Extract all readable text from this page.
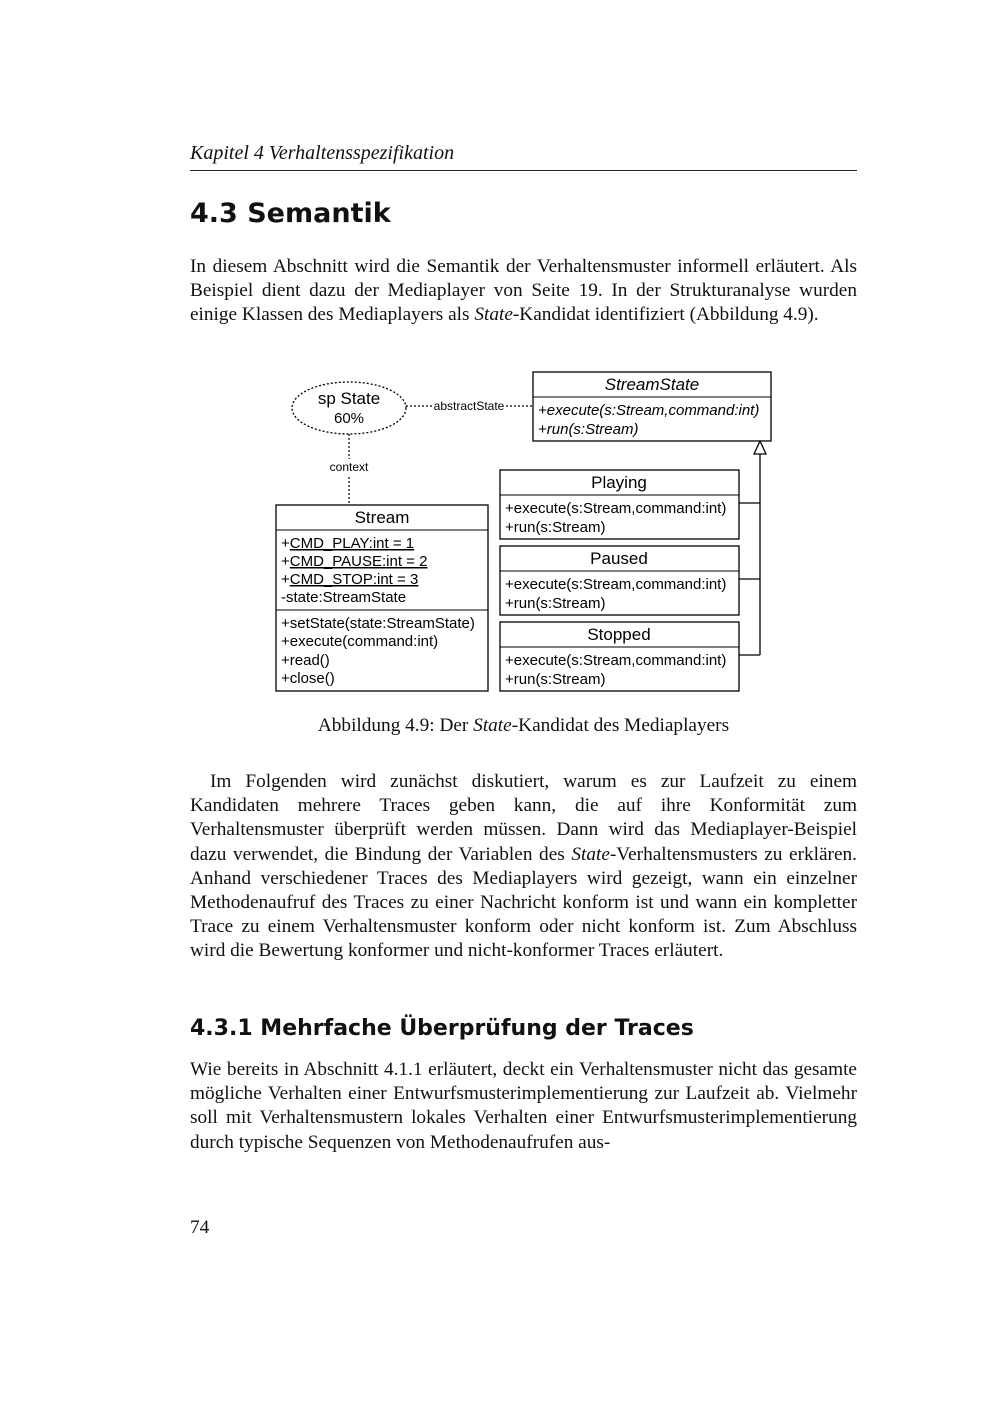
Kapitel 4 Verhaltensspezifikation
4.3 Semantik

In diesem Abschnitt wird die Semantik der Verhaltensmuster informell erläutert. Als Beispiel dient dazu der Mediaplayer von Seite 19. In der Strukturanalyse wurden einige Klassen des Mediaplayers als State-Kandidat identifiziert (Abbildung 4.9).

sp State
60%
abstractState
context
StreamState
+execute(s:Stream,command:int)
+run(s:Stream)
Playing
+execute(s:Stream,command:int)
+run(s:Stream)
Paused
+execute(s:Stream,command:int)
+run(s:Stream)
Stopped
+execute(s:Stream,command:int)
+run(s:Stream)
Stream
+CMD_PLAY:int = 1
+CMD_PAUSE:int = 2
+CMD_STOP:int = 3
-state:StreamState
+setState(state:StreamState)
+execute(command:int)
+read()
+close()
Abbildung 4.9: Der State-Kandidat des Mediaplayers

Im Folgenden wird zunächst diskutiert, warum es zur Laufzeit zu einem Kandidaten mehrere Traces geben kann, die auf ihre Konformität zum Verhaltensmuster überprüft werden müssen. Dann wird das Mediaplayer-Beispiel dazu verwendet, die Bindung der Variablen des State-Verhaltensmusters zu erklären. Anhand verschiedener Traces des Mediaplayers wird gezeigt, wann ein einzelner Methodenaufruf des Traces zu einer Nachricht konform ist und wann ein kompletter Trace zu einem Verhaltensmuster konform oder nicht konform ist. Zum Abschluss wird die Bewertung konformer und nicht-konformer Traces erläutert.

4.3.1 Mehrfache Überprüfung der Traces

Wie bereits in Abschnitt 4.1.1 erläutert, deckt ein Verhaltensmuster nicht das gesamte mögliche Verhalten einer Entwurfsmusterimplementierung zur Laufzeit ab. Vielmehr soll mit Verhaltensmustern lokales Verhalten einer Entwurfsmusterimplementierung durch typische Sequenzen von Methodenaufrufen aus-

74
